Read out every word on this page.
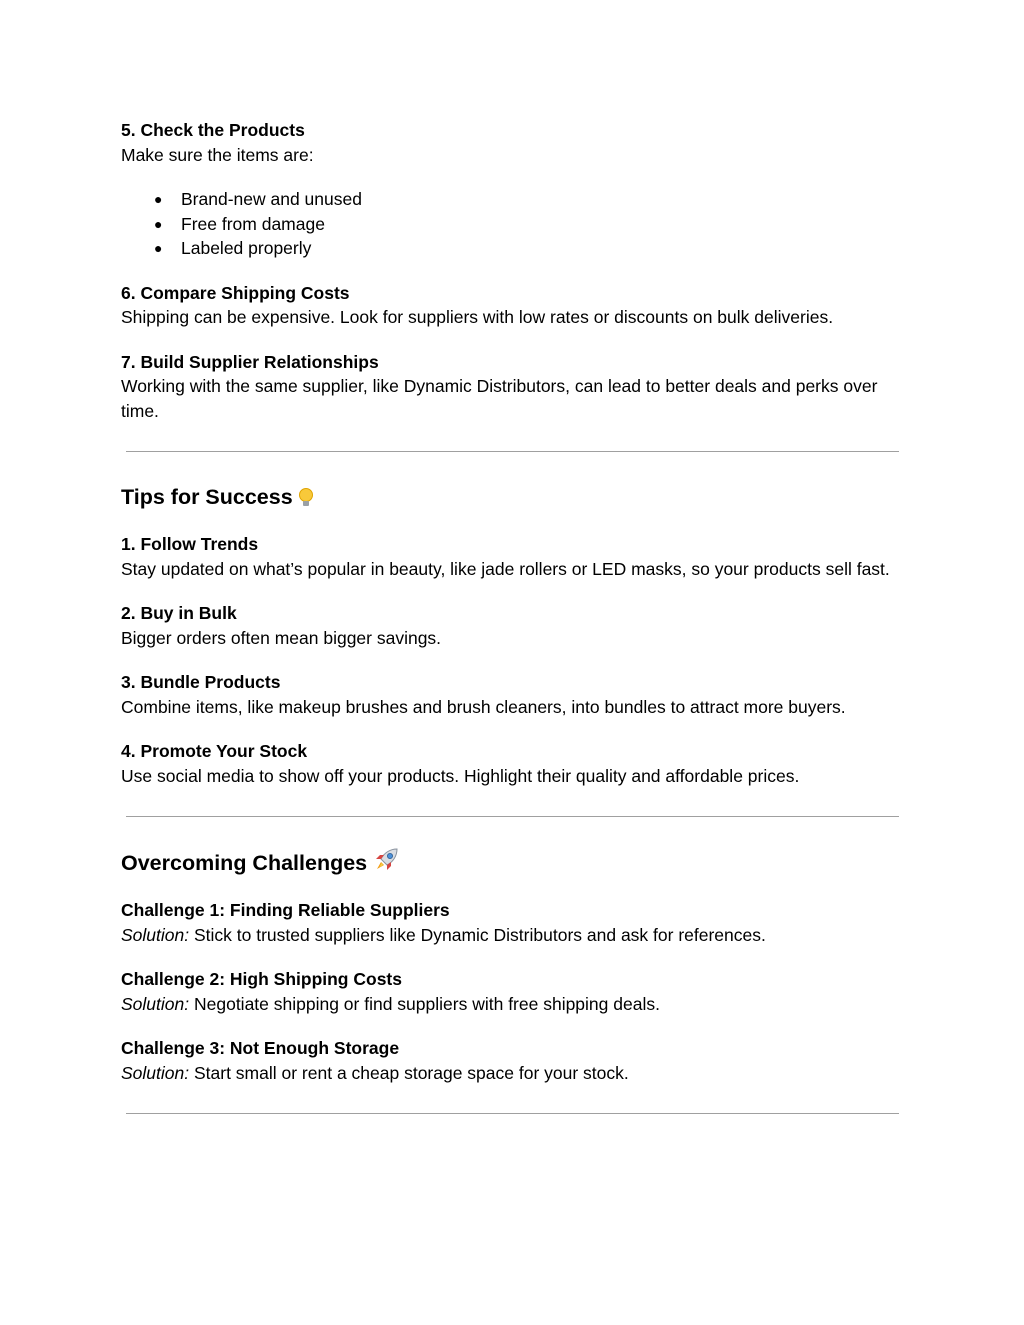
5. Check the Products

Make sure the items are:

● Brand-new and unused
● Free from damage
● Labeled properly

6. Compare Shipping Costs

Shipping can be expensive. Look for suppliers with low rates or discounts on bulk deliveries.

7. Build Supplier Relationships

Working with the same supplier, like Dynamic Distributors, can lead to better deals and perks over time.

Tips for Success

1. Follow Trends

Stay updated on what’s popular in beauty, like jade rollers or LED masks, so your products sell fast.

2. Buy in Bulk

Bigger orders often mean bigger savings.

3. Bundle Products

Combine items, like makeup brushes and brush cleaners, into bundles to attract more buyers.

4. Promote Your Stock

Use social media to show off your products. Highlight their quality and affordable prices.

Overcoming Challenges

Challenge 1: Finding Reliable Suppliers

Solution: Stick to trusted suppliers like Dynamic Distributors and ask for references.

Challenge 2: High Shipping Costs

Solution: Negotiate shipping or find suppliers with free shipping deals.

Challenge 3: Not Enough Storage

Solution: Start small or rent a cheap storage space for your stock.
